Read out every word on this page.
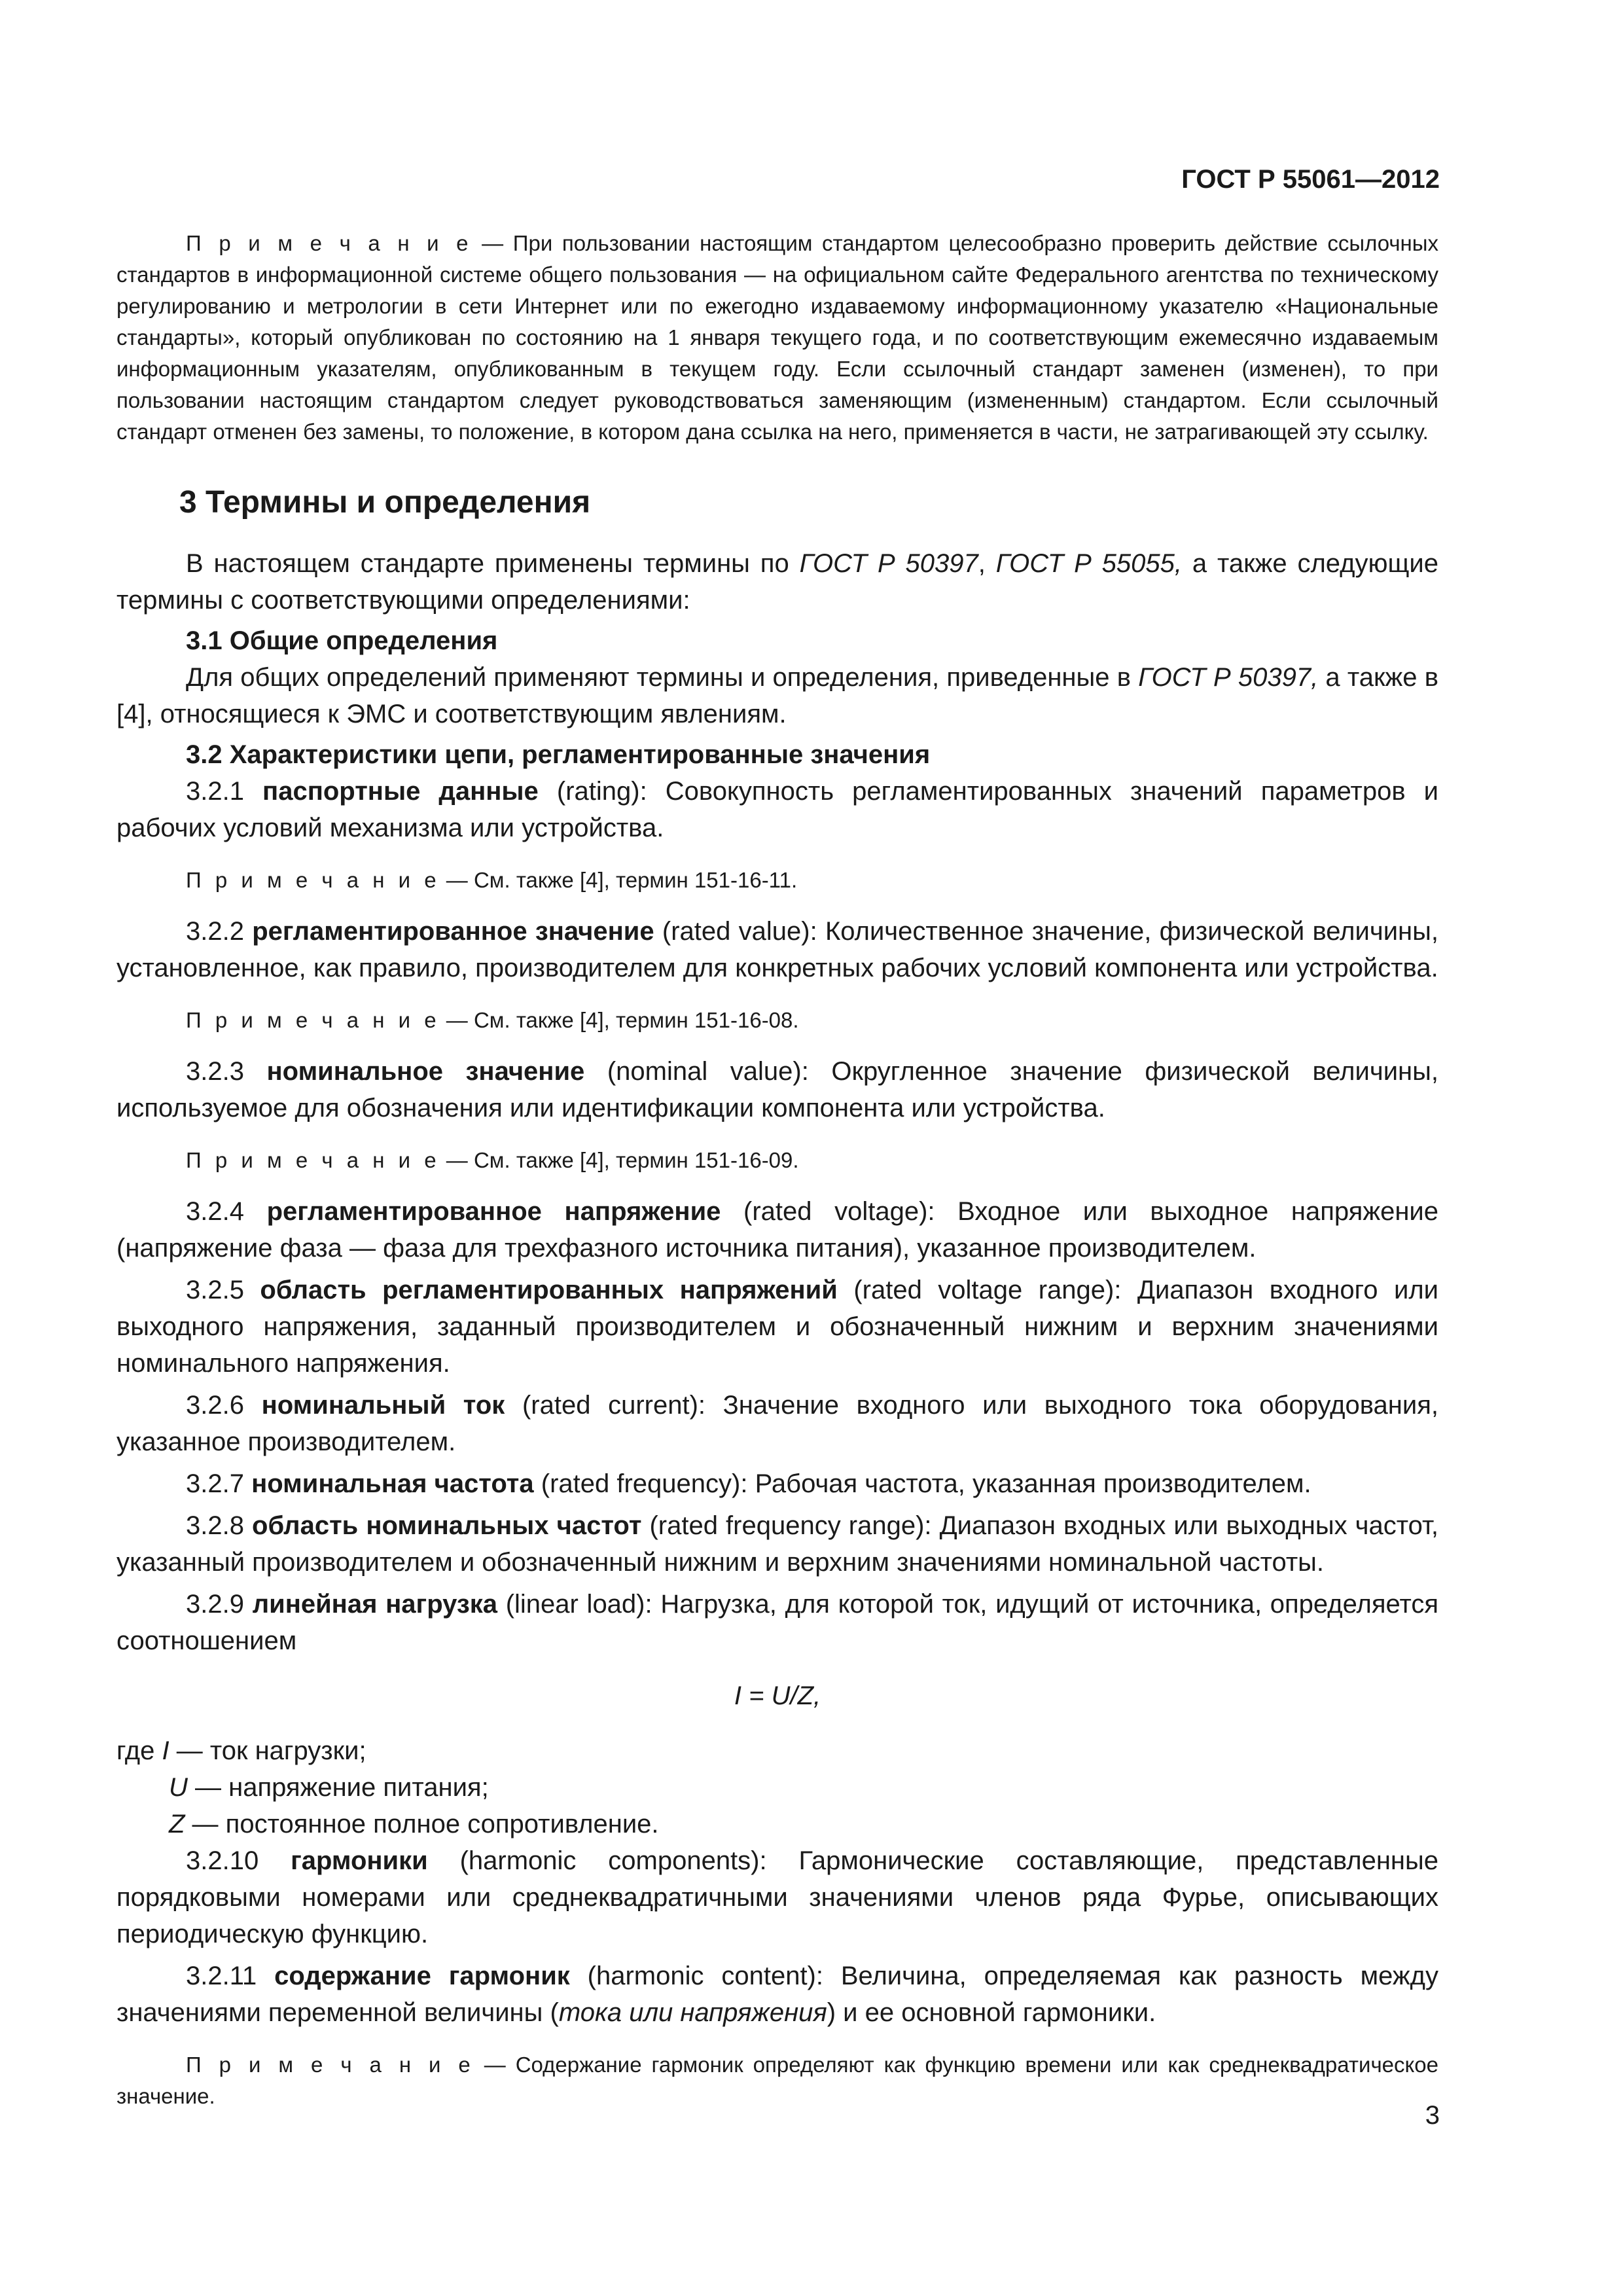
ГОСТ Р 55061—2012

П р и м е ч а н и е — При пользовании настоящим стандартом целесообразно проверить действие ссылочных стандартов в информационной системе общего пользования — на официальном сайте Федерального агентства по техническому регулированию и метрологии в сети Интернет или по ежегодно издаваемому информационному указателю «Национальные стандарты», который опубликован по состоянию на 1 января текущего года, и по соответствующим ежемесячно издаваемым информационным указателям, опубликованным в текущем году. Если ссылочный стандарт заменен (изменен), то при пользовании настоящим стандартом следует руководствоваться заменяющим (измененным) стандартом. Если ссылочный стандарт отменен без замены, то положение, в котором дана ссылка на него, применяется в части, не затрагивающей эту ссылку.

3 Термины и определения

В настоящем стандарте применены термины по ГОСТ Р 50397, ГОСТ Р 55055, а также следующие термины с соответствующими определениями:

3.1 Общие определения

Для общих определений применяют термины и определения, приведенные в ГОСТ Р 50397, а также в [4], относящиеся к ЭМС и соответствующим явлениям.

3.2 Характеристики цепи, регламентированные значения

3.2.1 паспортные данные (rating): Совокупность регламентированных значений параметров и рабочих условий механизма или устройства.

П р и м е ч а н и е — См. также [4], термин 151-16-11.

3.2.2 регламентированное значение (rated value): Количественное значение, физической величины, установленное, как правило, производителем для конкретных рабочих условий компонента или устройства.

П р и м е ч а н и е — См. также [4], термин 151-16-08.

3.2.3 номинальное значение (nominal value): Округленное значение физической величины, используемое для обозначения или идентификации компонента или устройства.

П р и м е ч а н и е — См. также [4], термин 151-16-09.

3.2.4 регламентированное напряжение (rated voltage): Входное или выходное напряжение (напряжение фаза — фаза для трехфазного источника питания), указанное производителем.

3.2.5 область регламентированных напряжений (rated voltage range): Диапазон входного или выходного напряжения, заданный производителем и обозначенный нижним и верхним значениями номинального напряжения.

3.2.6 номинальный ток (rated current): Значение входного или выходного тока оборудования, указанное производителем.

3.2.7 номинальная частота (rated frequency): Рабочая частота, указанная производителем.

3.2.8 область номинальных частот (rated frequency range): Диапазон входных или выходных частот, указанный производителем и обозначенный нижним и верхним значениями номинальной частоты.

3.2.9 линейная нагрузка (linear load): Нагрузка, для которой ток, идущий от источника, определяется соотношением

I = U/Z,
где I — ток нагрузки;
U — напряжение питания;
Z — постоянное полное сопротивление.

3.2.10 гармоники (harmonic components): Гармонические составляющие, представленные порядковыми номерами или среднеквадратичными значениями членов ряда Фурье, описывающих периодическую функцию.

3.2.11 содержание гармоник (harmonic content): Величина, определяемая как разность между значениями переменной величины (тока или напряжения) и ее основной гармоники.

П р и м е ч а н и е — Содержание гармоник определяют как функцию времени или как среднеквадратическое значение.

3
